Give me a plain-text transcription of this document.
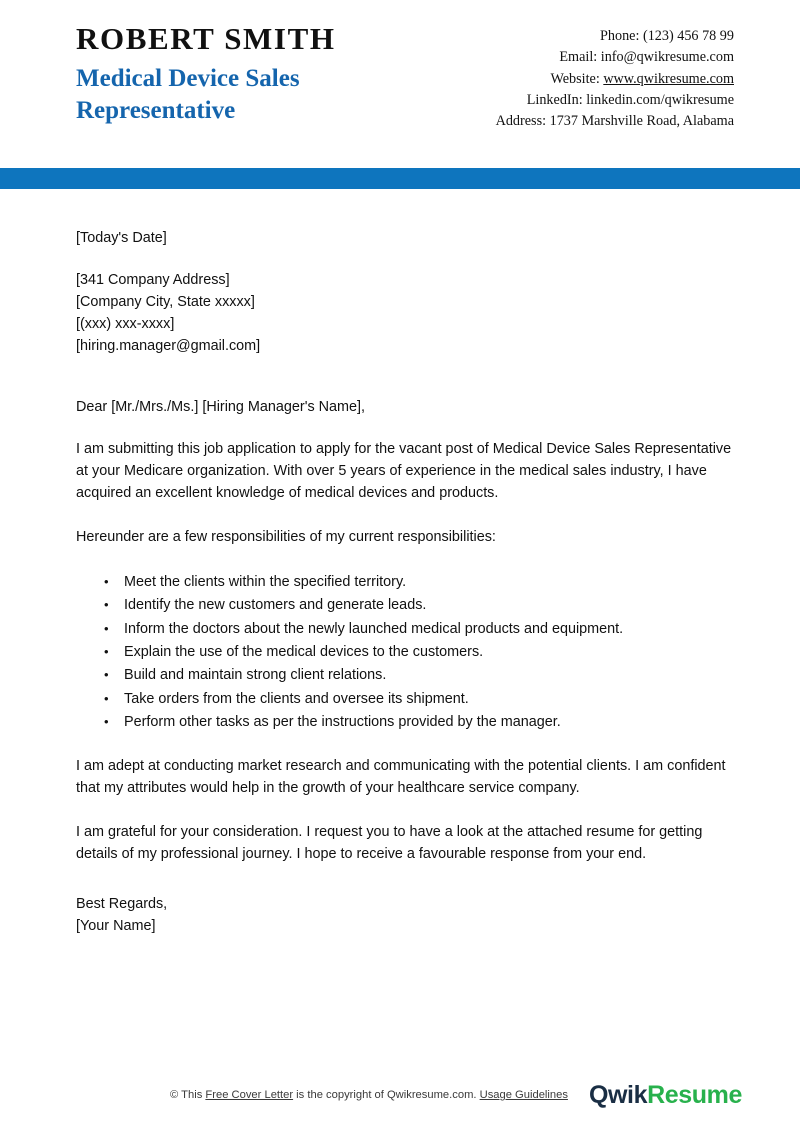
ROBERT SMITH
Medical Device Sales Representative
Phone: (123) 456 78 99
Email: info@qwikresume.com
Website: www.qwikresume.com
LinkedIn: linkedin.com/qwikresume
Address: 1737 Marshville Road, Alabama
[Today's Date]
[341 Company Address]
[Company City, State xxxxx]
[(xxx) xxx-xxxx]
[hiring.manager@gmail.com]
Dear [Mr./Mrs./Ms.] [Hiring Manager's Name],

I am submitting this job application to apply for the vacant post of Medical Device Sales Representative at your Medicare organization. With over 5 years of experience in the medical sales industry, I have acquired an excellent knowledge of medical devices and products.

Hereunder are a few responsibilities of my current responsibilities:

• Meet the clients within the specified territory.
• Identify the new customers and generate leads.
• Inform the doctors about the newly launched medical products and equipment.
• Explain the use of the medical devices to the customers.
• Build and maintain strong client relations.
• Take orders from the clients and oversee its shipment.
• Perform other tasks as per the instructions provided by the manager.

I am adept at conducting market research and communicating with the potential clients. I am confident that my attributes would help in the growth of your healthcare service company.

I am grateful for your consideration. I request you to have a look at the attached resume for getting details of my professional journey. I hope to receive a favourable response from your end.

Best Regards,
[Your Name]
© This Free Cover Letter is the copyright of Qwikresume.com. Usage Guidelines QwikResume
